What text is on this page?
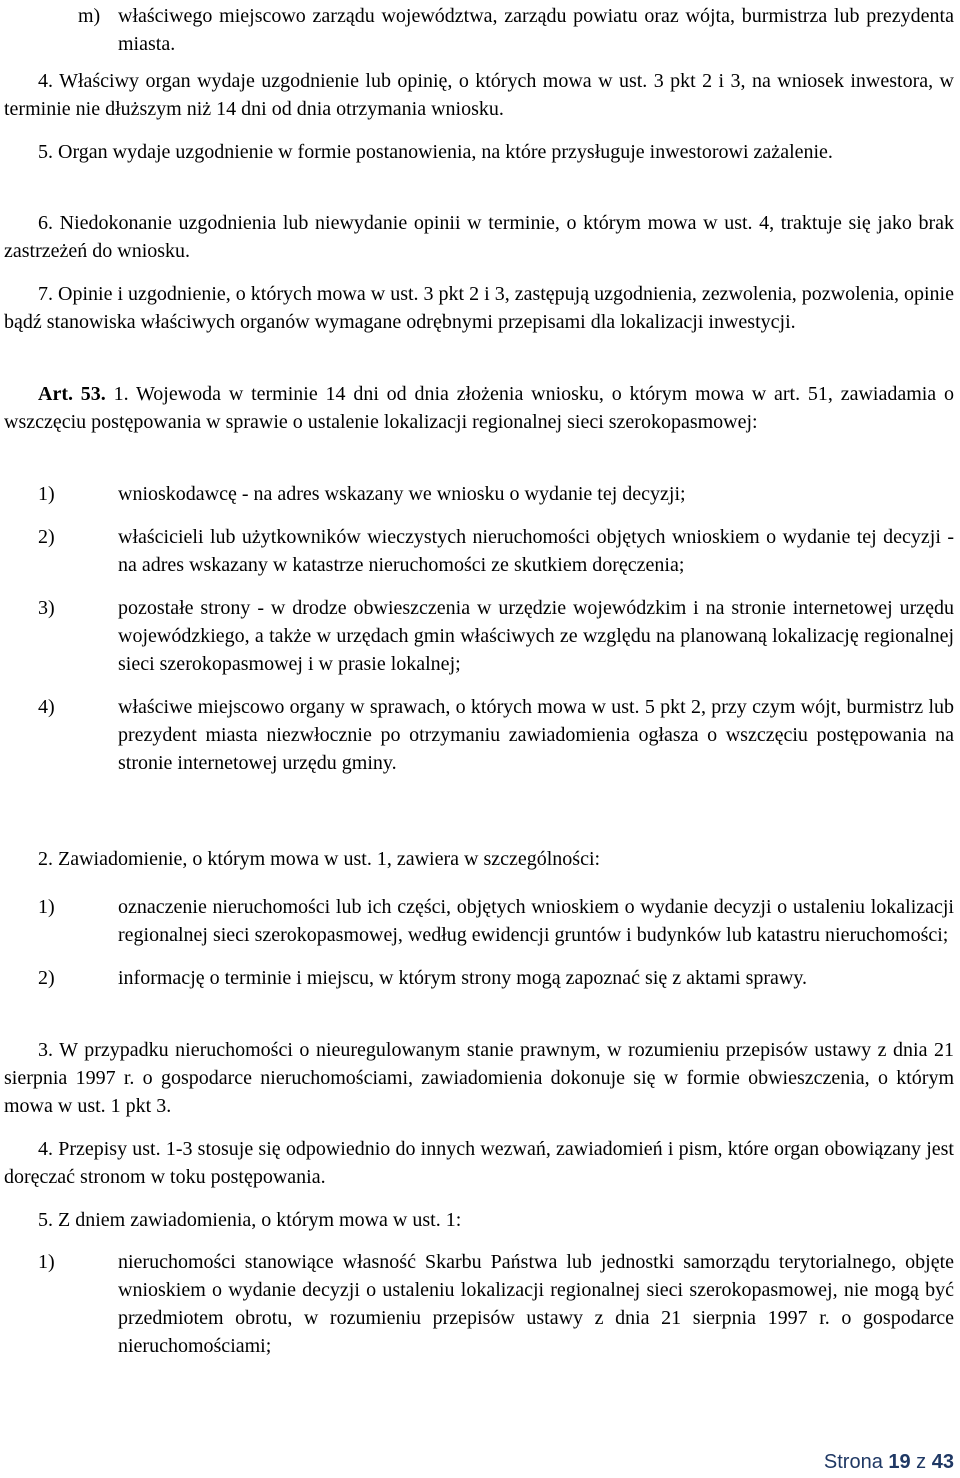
m) właściwego miejscowo zarządu województwa, zarządu powiatu oraz wójta, burmistrza lub prezydenta miasta.

4. Właściwy organ wydaje uzgodnienie lub opinię, o których mowa w ust. 3 pkt 2 i 3, na wniosek inwestora, w terminie nie dłuższym niż 14 dni od dnia otrzymania wniosku.

5. Organ wydaje uzgodnienie w formie postanowienia, na które przysługuje inwestorowi zażalenie.

6. Niedokonanie uzgodnienia lub niewydanie opinii w terminie, o którym mowa w ust. 4, traktuje się jako brak zastrzeżeń do wniosku.

7. Opinie i uzgodnienie, o których mowa w ust. 3 pkt 2 i 3, zastępują uzgodnienia, zezwolenia, pozwolenia, opinie bądź stanowiska właściwych organów wymagane odrębnymi przepisami dla lokalizacji inwestycji.

Art. 53. 1. Wojewoda w terminie 14 dni od dnia złożenia wniosku, o którym mowa w art. 51, zawiadamia o wszczęciu postępowania w sprawie o ustalenie lokalizacji regionalnej sieci szerokopasmowej:

1)	wnioskodawcę - na adres wskazany we wniosku o wydanie tej decyzji;
2)	właścicieli lub użytkowników wieczystych nieruchomości objętych wnioskiem o wydanie tej decyzji - na adres wskazany w katastrze nieruchomości ze skutkiem doręczenia;
3)	pozostałe strony - w drodze obwieszczenia w urzędzie wojewódzkim i na stronie internetowej urzędu wojewódzkiego, a także w urzędach gmin właściwych ze względu na planowaną lokalizację regionalnej sieci szerokopasmowej i w prasie lokalnej;
4)	właściwe miejscowo organy w sprawach, o których mowa w ust. 5 pkt 2, przy czym wójt, burmistrz lub prezydent miasta niezwłocznie po otrzymaniu zawiadomienia ogłasza o wszczęciu postępowania na stronie internetowej urzędu gminy.

2. Zawiadomienie, o którym mowa w ust. 1, zawiera w szczególności:

1)	oznaczenie nieruchomości lub ich części, objętych wnioskiem o wydanie decyzji o ustaleniu lokalizacji regionalnej sieci szerokopasmowej, według ewidencji gruntów i budynków lub katastru nieruchomości;
2)	informację o terminie i miejscu, w którym strony mogą zapoznać się z aktami sprawy.

3. W przypadku nieruchomości o nieuregulowanym stanie prawnym, w rozumieniu przepisów ustawy z dnia 21 sierpnia 1997 r. o gospodarce nieruchomościami, zawiadomienia dokonuje się w formie obwieszczenia, o którym mowa w ust. 1 pkt 3.

4. Przepisy ust. 1-3 stosuje się odpowiednio do innych wezwań, zawiadomień i pism, które organ obowiązany jest doręczać stronom w toku postępowania.

5. Z dniem zawiadomienia, o którym mowa w ust. 1:

1)	nieruchomości stanowiące własność Skarbu Państwa lub jednostki samorządu terytorialnego, objęte wnioskiem o wydanie decyzji o ustaleniu lokalizacji regionalnej sieci szerokopasmowej, nie mogą być przedmiotem obrotu, w rozumieniu przepisów ustawy z dnia 21 sierpnia 1997 r. o gospodarce nieruchomościami;
Strona 19 z 43
